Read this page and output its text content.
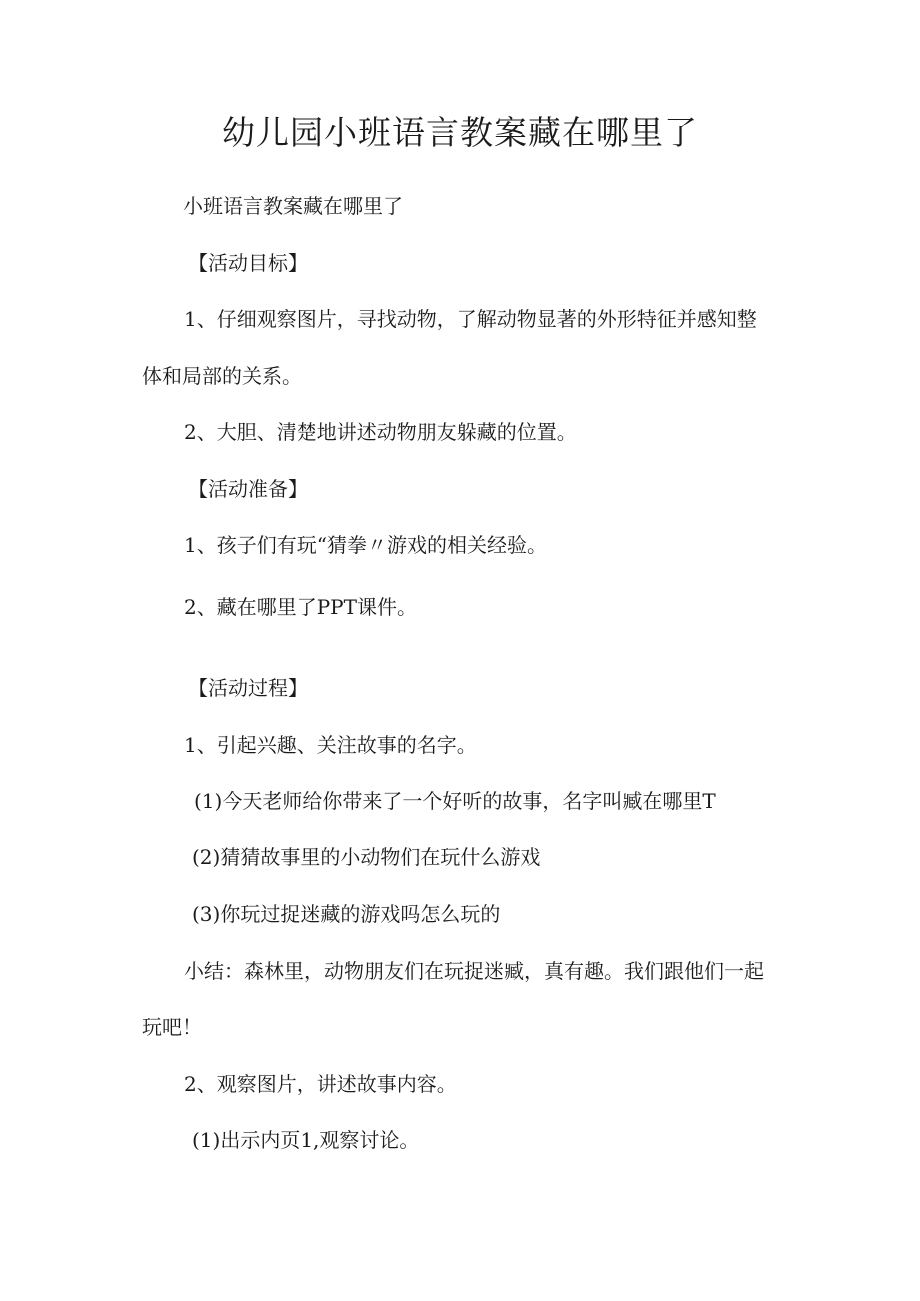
幼儿园小班语言教案藏在哪里了

小班语言教案藏在哪里了

【活动目标】

1、仔细观察图片，寻找动物，了解动物显著的外形特征并感知整

体和局部的关系。

2、大胆、清楚地讲述动物朋友躲藏的位置。

【活动准备】

1、孩子们有玩“猜拳〃游戏的相关经验。

2、藏在哪里了PPT课件。

【活动过程】

1、引起兴趣、关注故事的名字。

(1)今天老师给你带来了一个好听的故事，名字叫臧在哪里T

(2)猜猜故事里的小动物们在玩什么游戏

(3)你玩过捉迷藏的游戏吗怎么玩的

小结：森林里，动物朋友们在玩捉迷臧，真有趣。我们跟他们一起

玩吧！

2、观察图片，讲述故事内容。

(1)出示内页1,观察讨论。
